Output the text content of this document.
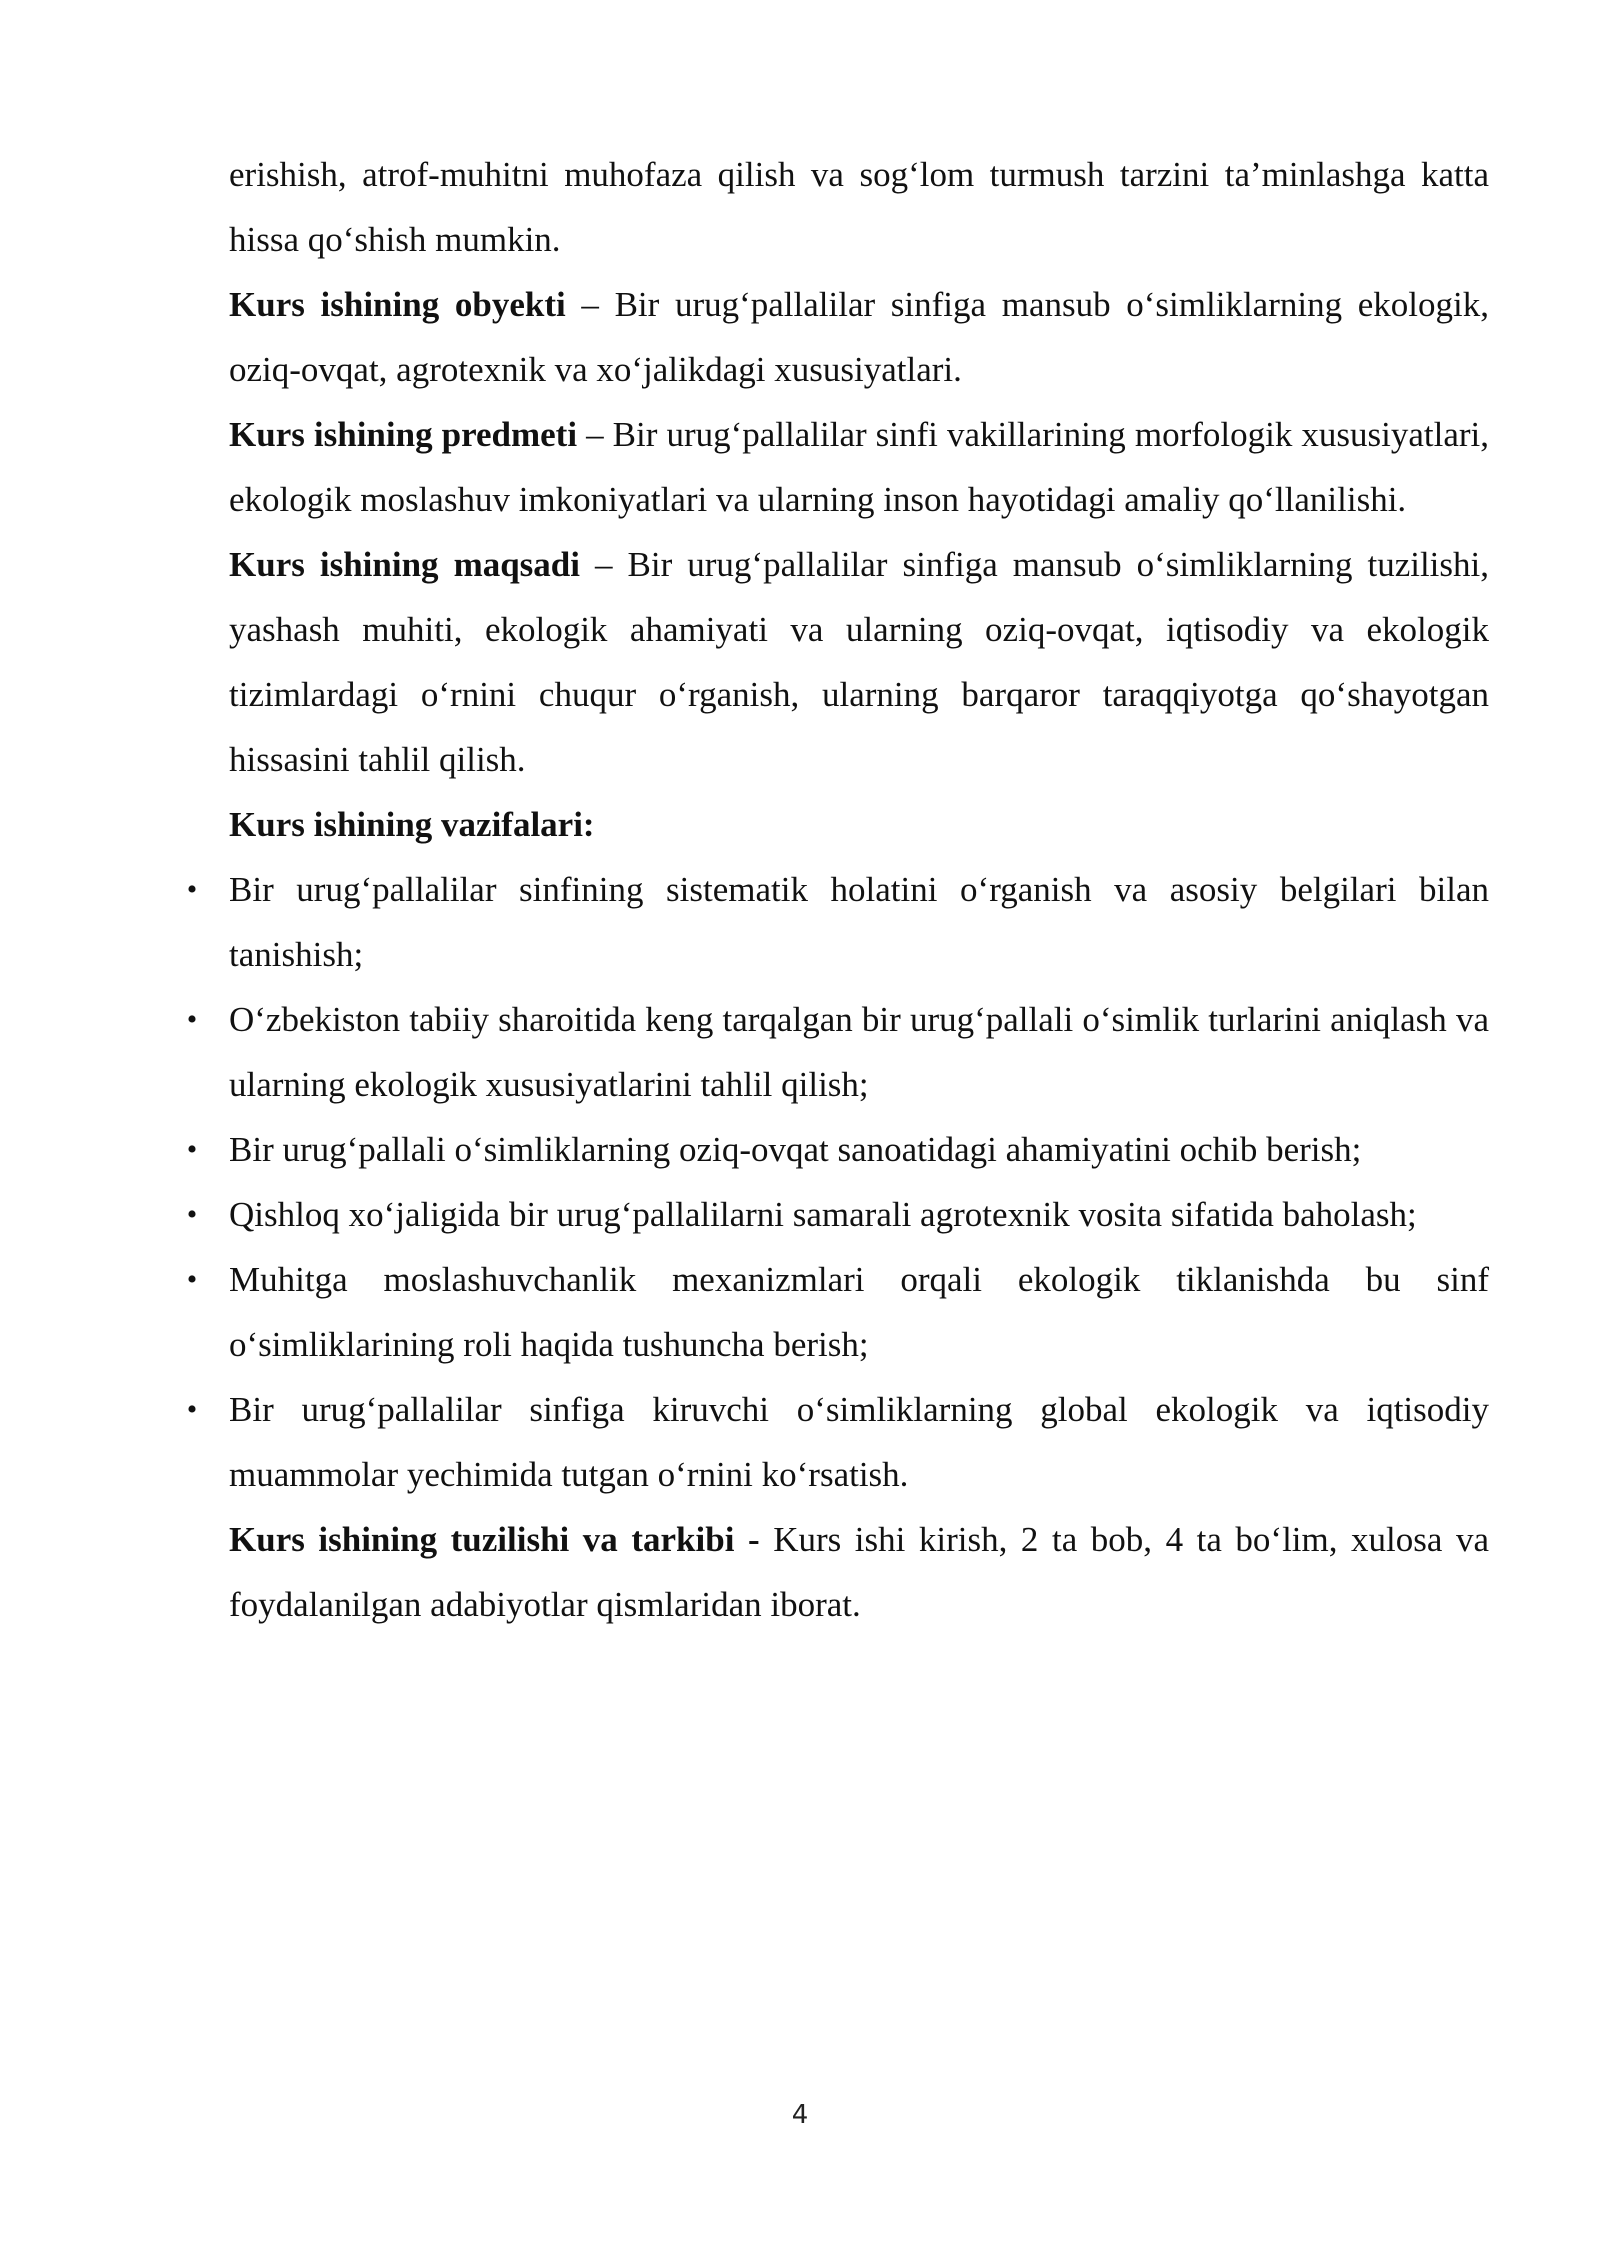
erishish, atrof-muhitni muhofaza qilish va sog‘lom turmush tarzini ta’minlashga katta hissa qo‘shish mumkin.

Kurs ishining obyekti – Bir urug‘pallalilar sinfiga mansub o‘simliklarning ekologik, oziq-ovqat, agrotexnik va xo‘jalikdagi xususiyatlari.

Kurs ishining predmeti – Bir urug‘pallalilar sinfi vakillarining morfologik xususiyatlari, ekologik moslashuv imkoniyatlari va ularning inson hayotidagi amaliy qo‘llanilishi.

Kurs ishining maqsadi – Bir urug‘pallalilar sinfiga mansub o‘simliklarning tuzilishi, yashash muhiti, ekologik ahamiyati va ularning oziq-ovqat, iqtisodiy va ekologik tizimlardagi o‘rnini chuqur o‘rganish, ularning barqaror taraqqiyotga qo‘shayotgan hissasini tahlil qilish.

Kurs ishining vazifalari:

• Bir urug‘pallalilar sinfining sistematik holatini o‘rganish va asosiy belgilari bilan tanishish;
• O‘zbekiston tabiiy sharoitida keng tarqalgan bir urug‘pallali o‘simlik turlarini aniqlash va ularning ekologik xususiyatlarini tahlil qilish;
• Bir urug‘pallali o‘simliklarning oziq-ovqat sanoatidagi ahamiyatini ochib berish;
• Qishloq xo‘jaligida bir urug‘pallalilarni samarali agrotexnik vosita sifatida baholash;
• Muhitga moslashuvchanlik mexanizmlari orqali ekologik tiklanishda bu sinf o‘simliklarining roli haqida tushuncha berish;
• Bir urug‘pallalilar sinfiga kiruvchi o‘simliklarning global ekologik va iqtisodiy muammolar yechimida tutgan o‘rnini ko‘rsatish.

Kurs ishining tuzilishi va tarkibi - Kurs ishi kirish, 2 ta bob, 4 ta bo‘lim, xulosa va foydalanilgan adabiyotlar qismlaridan iborat.

4
